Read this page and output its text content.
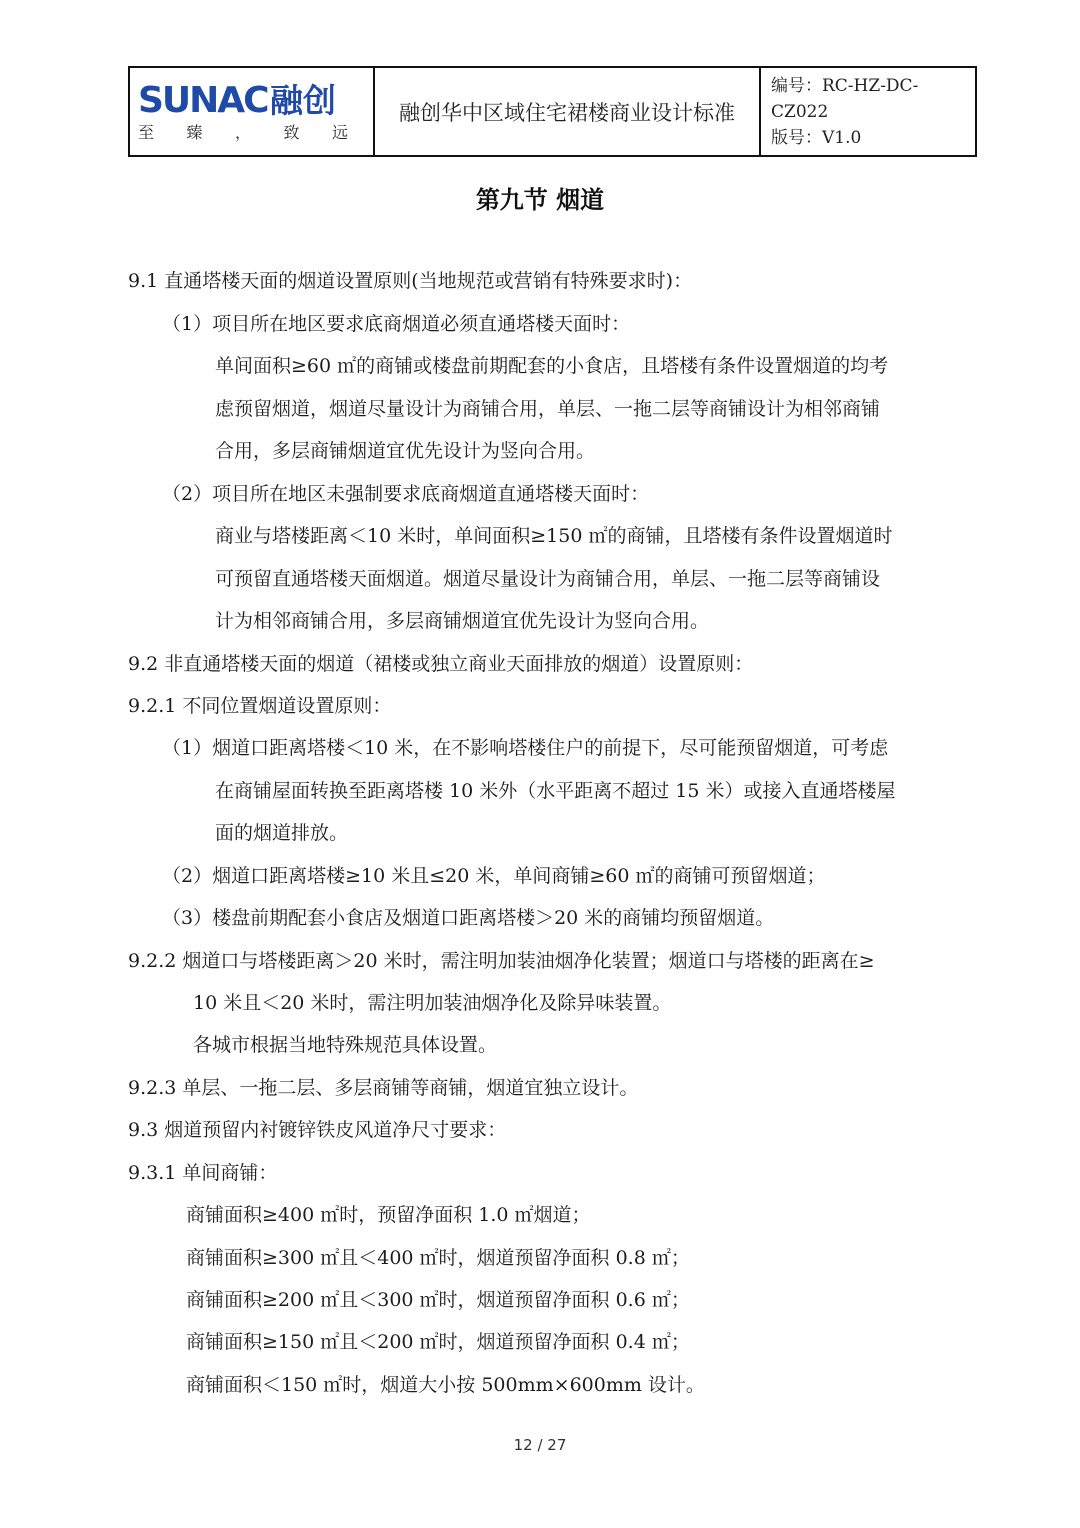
SUNAC 融创
至 臻 ， 致 远
融创华中区域住宅裙楼商业设计标准
编号：RC-HZ-DC-CZ022
版号：V1.0
第九节 烟道
9.1 直通塔楼天面的烟道设置原则(当地规范或营销有特殊要求时)：
（1）项目所在地区要求底商烟道必须直通塔楼天面时：
单间面积≥60 ㎡的商铺或楼盘前期配套的小食店，且塔楼有条件设置烟道的均考
虑预留烟道，烟道尽量设计为商铺合用，单层、一拖二层等商铺设计为相邻商铺
合用，多层商铺烟道宜优先设计为竖向合用。
（2）项目所在地区未强制要求底商烟道直通塔楼天面时：
商业与塔楼距离＜10 米时，单间面积≥150 ㎡的商铺，且塔楼有条件设置烟道时
可预留直通塔楼天面烟道。烟道尽量设计为商铺合用，单层、一拖二层等商铺设
计为相邻商铺合用，多层商铺烟道宜优先设计为竖向合用。
9.2 非直通塔楼天面的烟道（裙楼或独立商业天面排放的烟道）设置原则：
9.2.1 不同位置烟道设置原则：
（1）烟道口距离塔楼＜10 米，在不影响塔楼住户的前提下，尽可能预留烟道，可考虑
在商铺屋面转换至距离塔楼 10 米外（水平距离不超过 15 米）或接入直通塔楼屋
面的烟道排放。
（2）烟道口距离塔楼≥10 米且≤20 米，单间商铺≥60 ㎡的商铺可预留烟道；
（3）楼盘前期配套小食店及烟道口距离塔楼＞20 米的商铺均预留烟道。
9.2.2 烟道口与塔楼距离＞20 米时，需注明加装油烟净化装置；烟道口与塔楼的距离在≥
10 米且＜20 米时，需注明加装油烟净化及除异味装置。
各城市根据当地特殊规范具体设置。
9.2.3 单层、一拖二层、多层商铺等商铺，烟道宜独立设计。
9.3 烟道预留内衬镀锌铁皮风道净尺寸要求：
9.3.1 单间商铺：
商铺面积≥400 ㎡时，预留净面积 1.0 ㎡烟道；
商铺面积≥300 ㎡且＜400 ㎡时，烟道预留净面积 0.8 ㎡；
商铺面积≥200 ㎡且＜300 ㎡时，烟道预留净面积 0.6 ㎡；
商铺面积≥150 ㎡且＜200 ㎡时，烟道预留净面积 0.4 ㎡；
商铺面积＜150 ㎡时，烟道大小按 500mm×600mm 设计。
12 / 27
